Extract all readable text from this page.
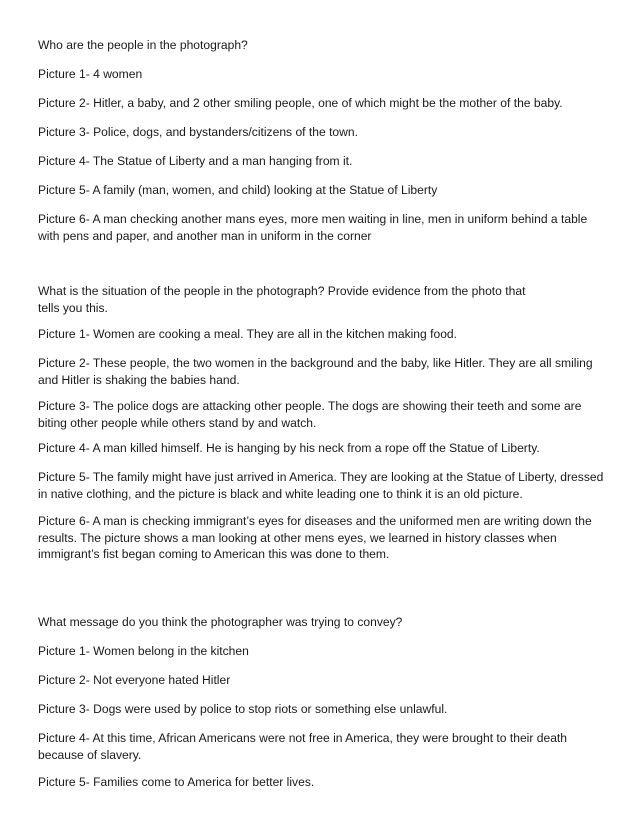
Who are the people in the photograph?
Picture 1- 4 women
Picture 2- Hitler, a baby, and 2 other smiling people, one of which might be the mother of the baby.
Picture 3- Police, dogs, and bystanders/citizens of the town.
Picture 4- The Statue of Liberty and a man hanging from it.
Picture 5- A family (man, women, and child) looking at the Statue of Liberty
Picture 6- A man checking another mans eyes, more men waiting in line, men in uniform behind a table with pens and paper, and another man in uniform in the corner
What is the situation of the people in the photograph? Provide evidence from the photo that tells you this.
Picture 1- Women are cooking a meal. They are all in the kitchen making food.
Picture 2- These people, the two women in the background and the baby, like Hitler. They are all smiling and Hitler is shaking the babies hand.
Picture 3- The police dogs are attacking other people. The dogs are showing their teeth and some are biting other people while others stand by and watch.
Picture 4- A man killed himself. He is hanging by his neck from a rope off the Statue of Liberty.
Picture 5- The family might have just arrived in America. They are looking at the Statue of Liberty, dressed in native clothing, and the picture is black and white leading one to think it is an old picture.
Picture 6- A man is checking immigrant’s eyes for diseases and the uniformed men are writing down the results. The picture shows a man looking at other mens eyes, we learned in history classes when immigrant’s fist began coming to American this was done to them.
What message do you think the photographer was trying to convey?
Picture 1- Women belong in the kitchen
Picture 2- Not everyone hated Hitler
Picture 3- Dogs were used by police to stop riots or something else unlawful.
Picture 4- At this time, African Americans were not free in America, they were brought to their death because of slavery.
Picture 5- Families come to America for better lives.
